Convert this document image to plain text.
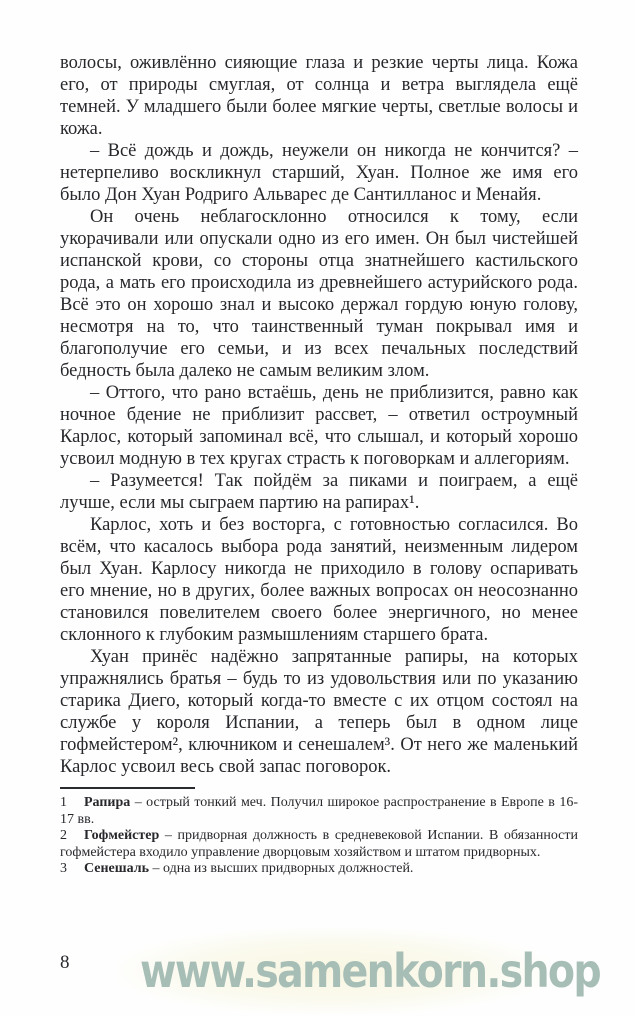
волосы, оживлённо сияющие глаза и резкие черты лица. Кожа его, от природы смуглая, от солнца и ветра выглядела ещё темней. У младшего были более мягкие черты, светлые волосы и кожа.

– Всё дождь и дождь, неужели он никогда не кончится? – нетерпеливо воскликнул старший, Хуан. Полное же имя его было Дон Хуан Родриго Альварес де Сантилланос и Менайя.

Он очень неблагосклонно относился к тому, если укорачивали или опускали одно из его имен. Он был чистейшей испанской крови, со стороны отца знатнейшего кастильского рода, а мать его происходила из древнейшего астурийского рода. Всё это он хорошо знал и высоко держал гордую юную голову, несмотря на то, что таинственный туман покрывал имя и благополучие его семьи, и из всех печальных последствий бедность была далеко не самым великим злом.

– Оттого, что рано встаёшь, день не приблизится, равно как ночное бдение не приблизит рассвет, – ответил остроумный Карлос, который запоминал всё, что слышал, и который хорошо усвоил модную в тех кругах страсть к поговоркам и аллегориям.

– Разумеется! Так пойдём за пиками и поиграем, а ещё лучше, если мы сыграем партию на рапирах¹.

Карлос, хоть и без восторга, с готовностью согласился. Во всём, что касалось выбора рода занятий, неизменным лидером был Хуан. Карлосу никогда не приходило в голову оспаривать его мнение, но в других, более важных вопросах он неосознанно становился повелителем своего более энергичного, но менее склонного к глубоким размышлениям старшего брата.

Хуан принёс надёжно запрятанные рапиры, на которых упражнялись братья – будь то из удовольствия или по указанию старика Диего, который когда-то вместе с их отцом состоял на службе у короля Испании, а теперь был в одном лице гофмейстером², ключником и сенешалем³. От него же маленький Карлос усвоил весь свой запас поговорок.

1 Рапира – острый тонкий меч. Получил широкое распространение в Европе в 16-17 вв.

2 Гофмейстер – придворная должность в средневековой Испании. В обязанности гофмейстера входило управление дворцовым хозяйством и штатом придворных.

3 Сенешаль – одна из высших придворных должностей.

8 www.samenkorn.shop
